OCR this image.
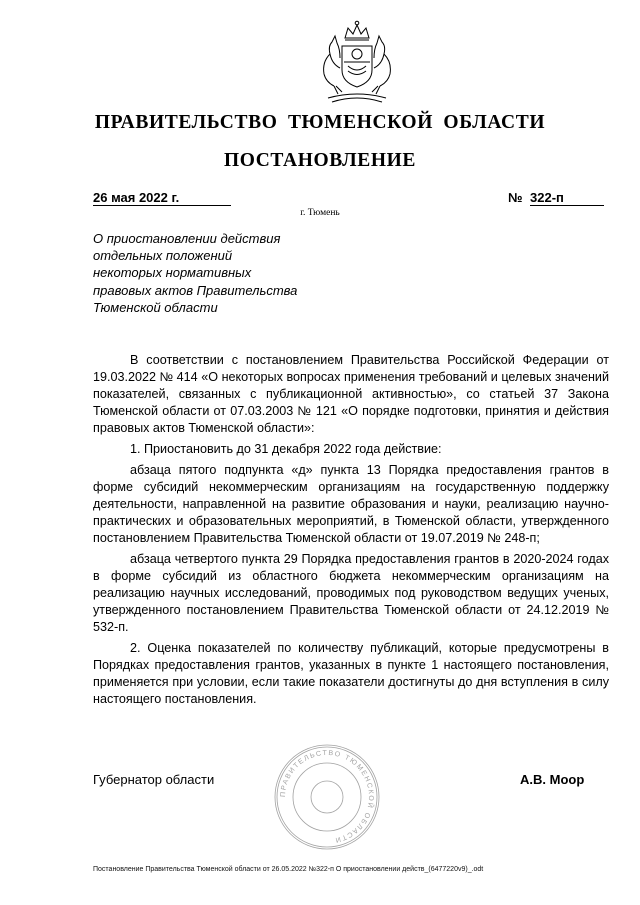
ПРАВИТЕЛЬСТВО ТЮМЕНСКОЙ ОБЛАСТИ
ПОСТАНОВЛЕНИЕ
26 мая 2022 г.	№ 322-п
г. Тюмень
О приостановлении действия
отдельных положений
некоторых нормативных
правовых актов Правительства
Тюменской области

В соответствии с постановлением Правительства Российской Федерации от 19.03.2022 № 414 «О некоторых вопросах применения требований и целевых значений показателей, связанных с публикационной активностью», со статьей 37 Закона Тюменской области от 07.03.2003 № 121 «О порядке подготовки, принятия и действия правовых актов Тюменской области»:

1. Приостановить до 31 декабря 2022 года действие:

абзаца пятого подпункта «д» пункта 13 Порядка предоставления грантов в форме субсидий некоммерческим организациям на государственную поддержку деятельности, направленной на развитие образования и науки, реализацию научно-практических и образовательных мероприятий, в Тюменской области, утвержденного постановлением Правительства Тюменской области от 19.07.2019 № 248-п;

абзаца четвертого пункта 29 Порядка предоставления грантов в 2020-2024 годах в форме субсидий из областного бюджета некоммерческим организациям на реализацию научных исследований, проводимых под руководством ведущих ученых, утвержденного постановлением Правительства Тюменской области от 24.12.2019 № 532-п.

2. Оценка показателей по количеству публикаций, которые предусмотрены в Порядках предоставления грантов, указанных в пункте 1 настоящего постановления, применяется при условии, если такие показатели достигнуты до дня вступления в силу настоящего постановления.

ПРАВИТЕЛЬСТВО ТЮМЕНСКОЙ ОБЛАСТИ
Губернатор области	А.В. Моор
Постановление Правительства Тюменской области от 26.05.2022 №322-п О приостановлении действ_(6477220v9)_.odt
